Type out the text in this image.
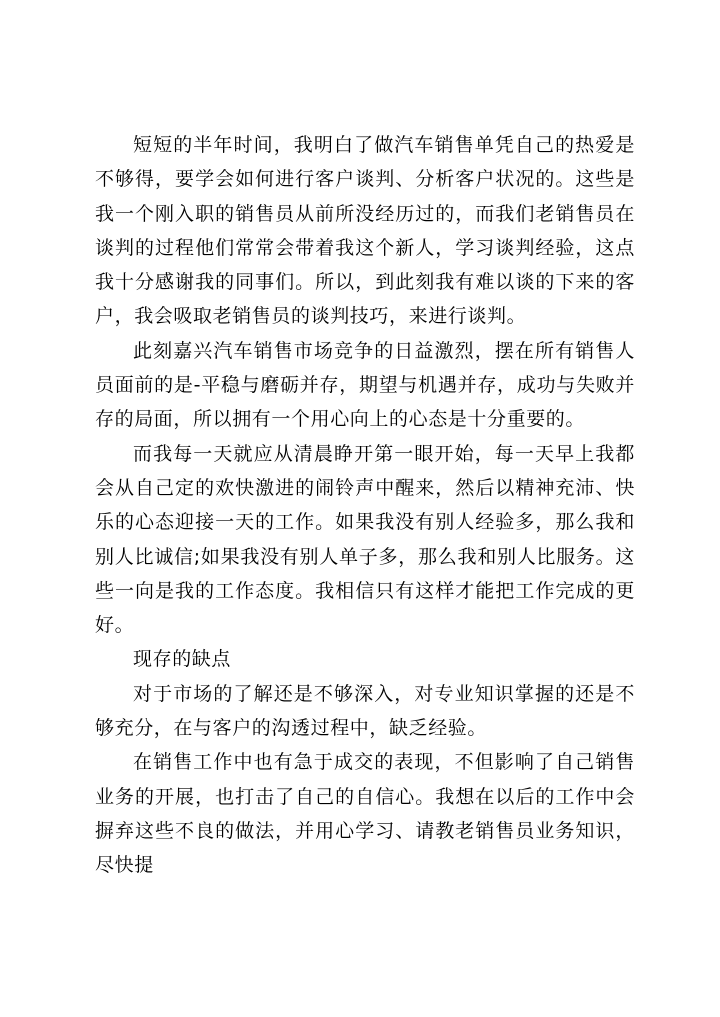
短短的半年时间，我明白了做汽车销售单凭自己的热爱是不够得，要学会如何进行客户谈判、分析客户状况的。这些是我一个刚入职的销售员从前所没经历过的，而我们老销售员在谈判的过程他们常常会带着我这个新人，学习谈判经验，这点我十分感谢我的同事们。所以，到此刻我有难以谈的下来的客户，我会吸取老销售员的谈判技巧，来进行谈判。

此刻嘉兴汽车销售市场竞争的日益激烈，摆在所有销售人员面前的是-平稳与磨砺并存，期望与机遇并存，成功与失败并存的局面，所以拥有一个用心向上的心态是十分重要的。

而我每一天就应从清晨睁开第一眼开始，每一天早上我都会从自己定的欢快激进的闹铃声中醒来，然后以精神充沛、快乐的心态迎接一天的工作。如果我没有别人经验多，那么我和别人比诚信;如果我没有别人单子多，那么我和别人比服务。这些一向是我的工作态度。我相信只有这样才能把工作完成的更好。

现存的缺点

对于市场的了解还是不够深入，对专业知识掌握的还是不够充分，在与客户的沟透过程中，缺乏经验。

在销售工作中也有急于成交的表现，不但影响了自己销售业务的开展，也打击了自己的自信心。我想在以后的工作中会摒弃这些不良的做法，并用心学习、请教老销售员业务知识，尽快提
